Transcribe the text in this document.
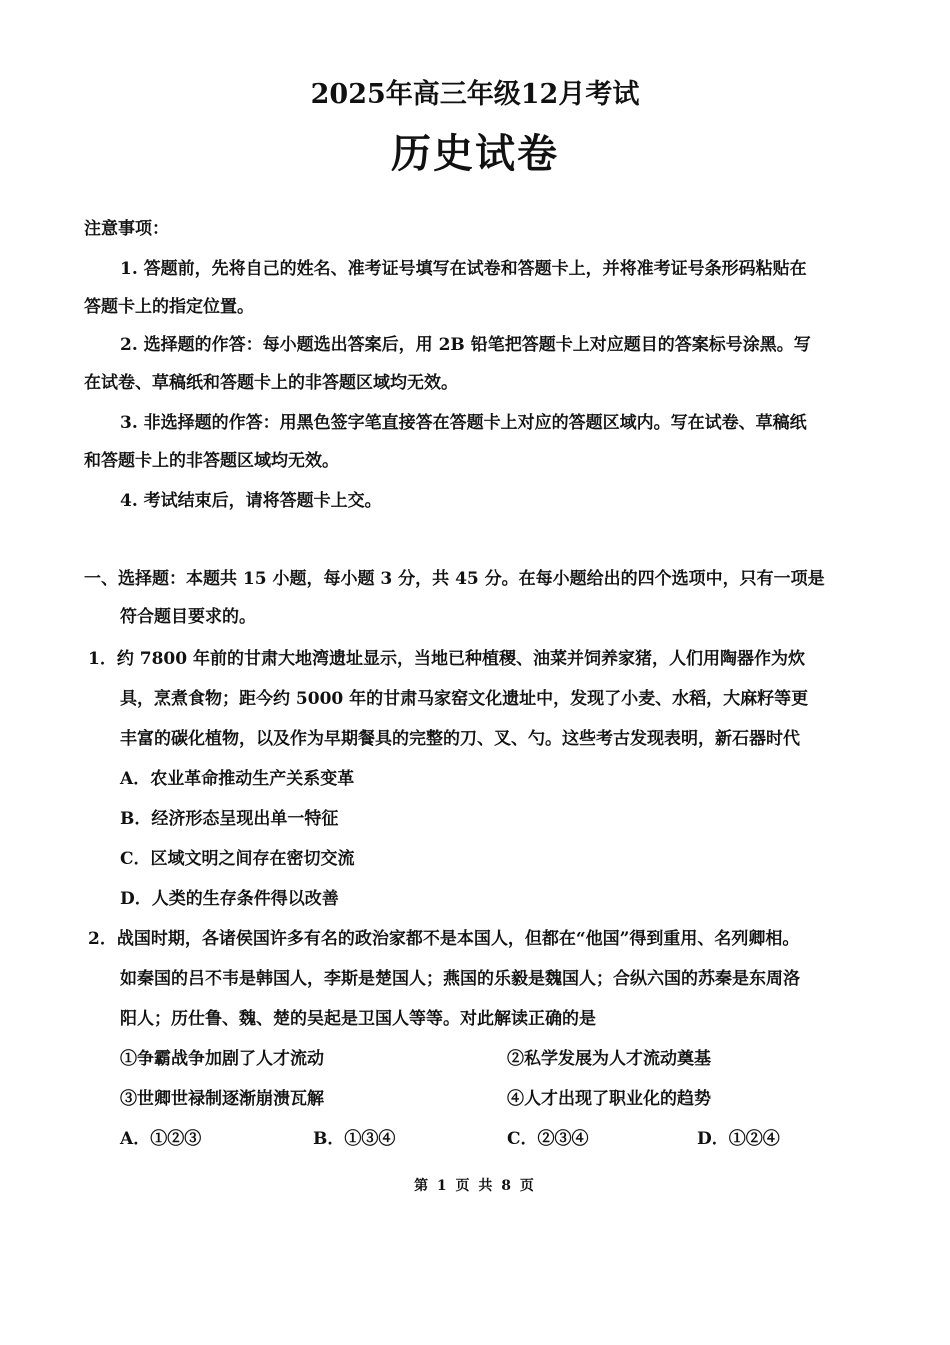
2025年高三年级12月考试
历史试卷
注意事项：
1. 答题前，先将自己的姓名、准考证号填写在试卷和答题卡上，并将准考证号条形码粘贴在
答题卡上的指定位置。
2. 选择题的作答：每小题选出答案后，用 2B 铅笔把答题卡上对应题目的答案标号涂黑。写
在试卷、草稿纸和答题卡上的非答题区域均无效。
3. 非选择题的作答：用黑色签字笔直接答在答题卡上对应的答题区域内。写在试卷、草稿纸
和答题卡上的非答题区域均无效。
4. 考试结束后，请将答题卡上交。
一、选择题：本题共 15 小题，每小题 3 分，共 45 分。在每小题给出的四个选项中，只有一项是
符合题目要求的。
1．约 7800 年前的甘肃大地湾遗址显示，当地已种植稷、油菜并饲养家猪，人们用陶器作为炊
具，烹煮食物；距今约 5000 年的甘肃马家窑文化遗址中，发现了小麦、水稻，大麻籽等更
丰富的碳化植物，以及作为早期餐具的完整的刀、叉、勺。这些考古发现表明，新石器时代
A．农业革命推动生产关系变革
B．经济形态呈现出单一特征
C．区域文明之间存在密切交流
D．人类的生存条件得以改善
2．战国时期，各诸侯国许多有名的政治家都不是本国人，但都在“他国”得到重用、名列卿相。
如秦国的吕不韦是韩国人，李斯是楚国人；燕国的乐毅是魏国人；合纵六国的苏秦是东周洛
阳人；历仕鲁、魏、楚的吴起是卫国人等等。对此解读正确的是
①争霸战争加剧了人才流动	②私学发展为人才流动奠基
③世卿世禄制逐渐崩溃瓦解	④人才出现了职业化的趋势
A．①②③	B．①③④	C．②③④	D．①②④
第 1 页 共 8 页
